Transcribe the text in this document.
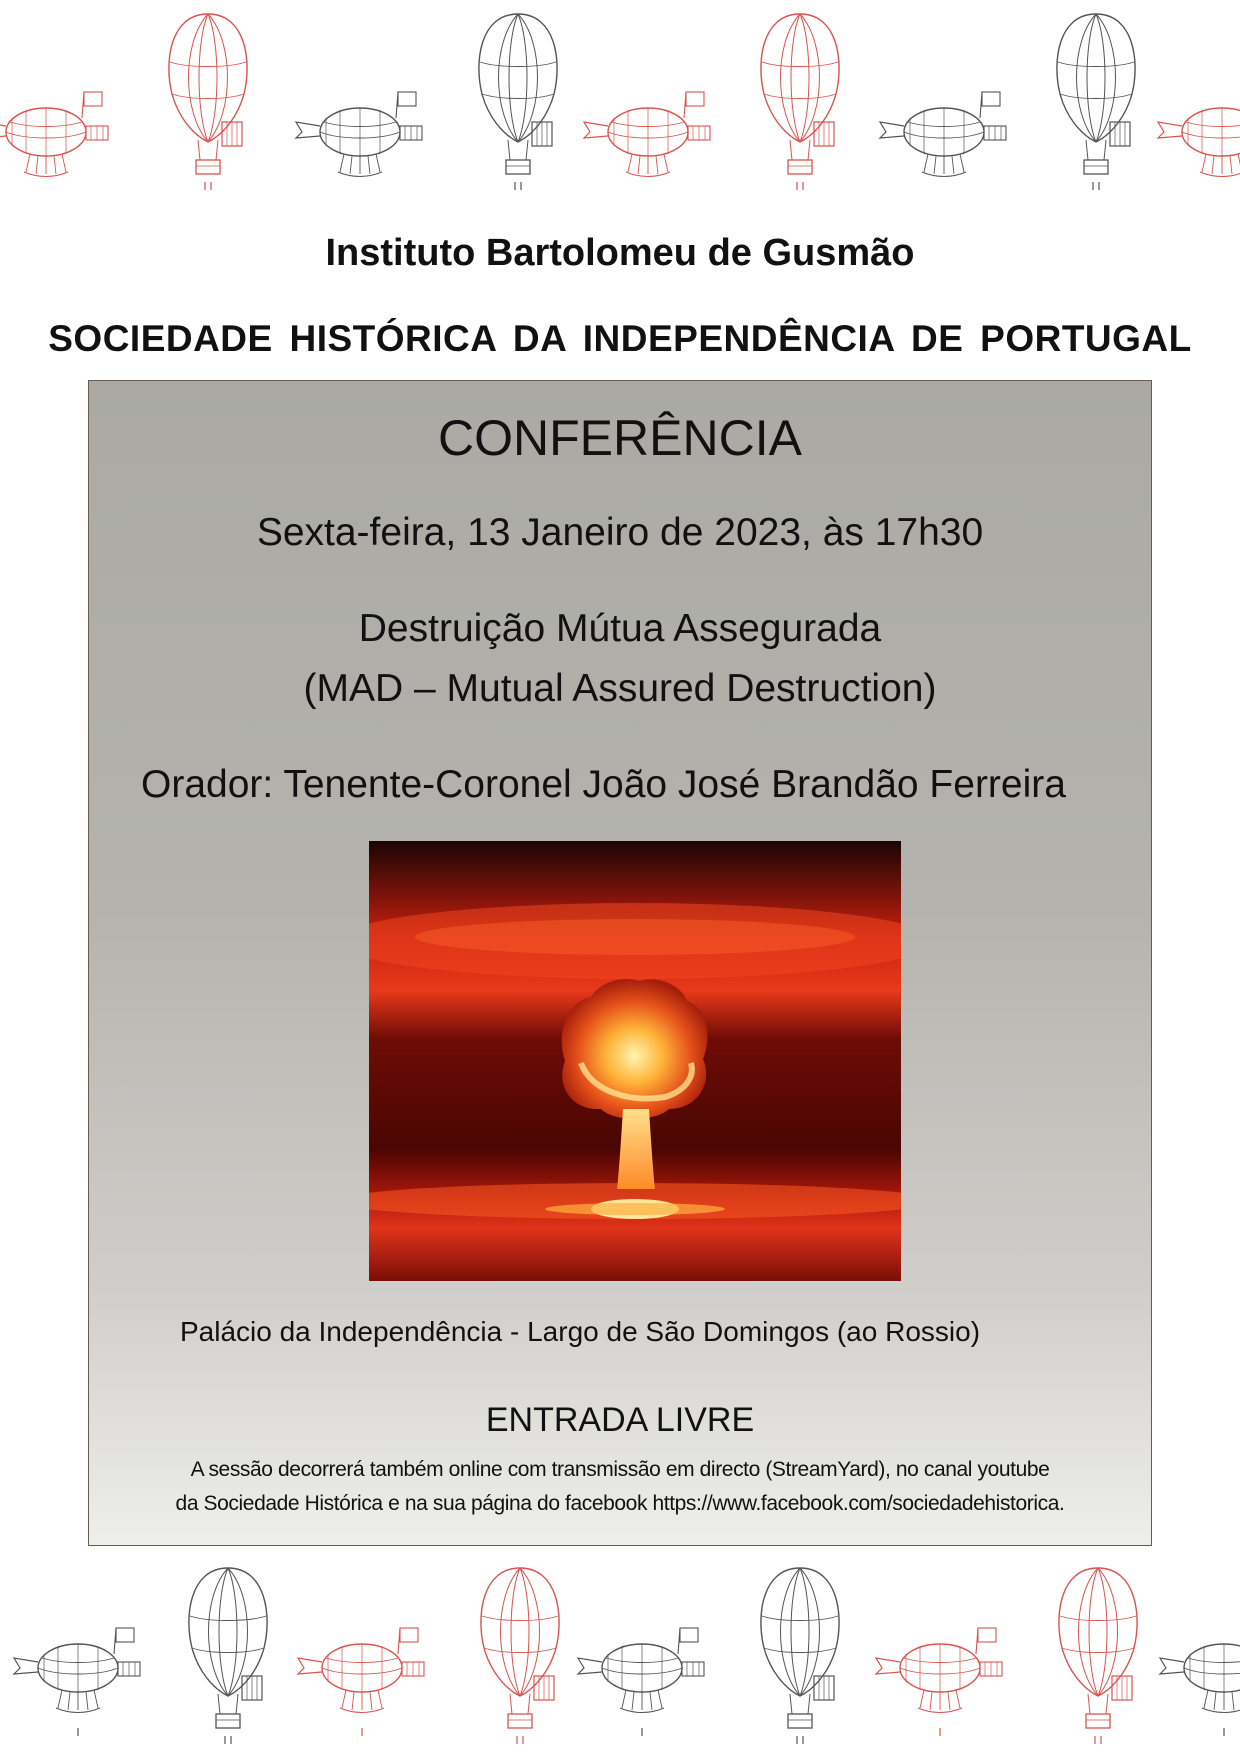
Instituto Bartolomeu de Gusmão
SOCIEDADE HISTÓRICA DA INDEPENDÊNCIA DE PORTUGAL
CONFERÊNCIA
Sexta-feira, 13 Janeiro de 2023, às 17h30
Destruição Mútua Assegurada
(MAD – Mutual Assured Destruction)
Orador: Tenente-Coronel João José Brandão Ferreira
Palácio da Independência - Largo de São Domingos (ao Rossio)
ENTRADA LIVRE
A sessão decorrerá também online com transmissão em directo (StreamYard), no canal youtube
da Sociedade Histórica e na sua página do facebook https://www.facebook.com/sociedadehistorica.
